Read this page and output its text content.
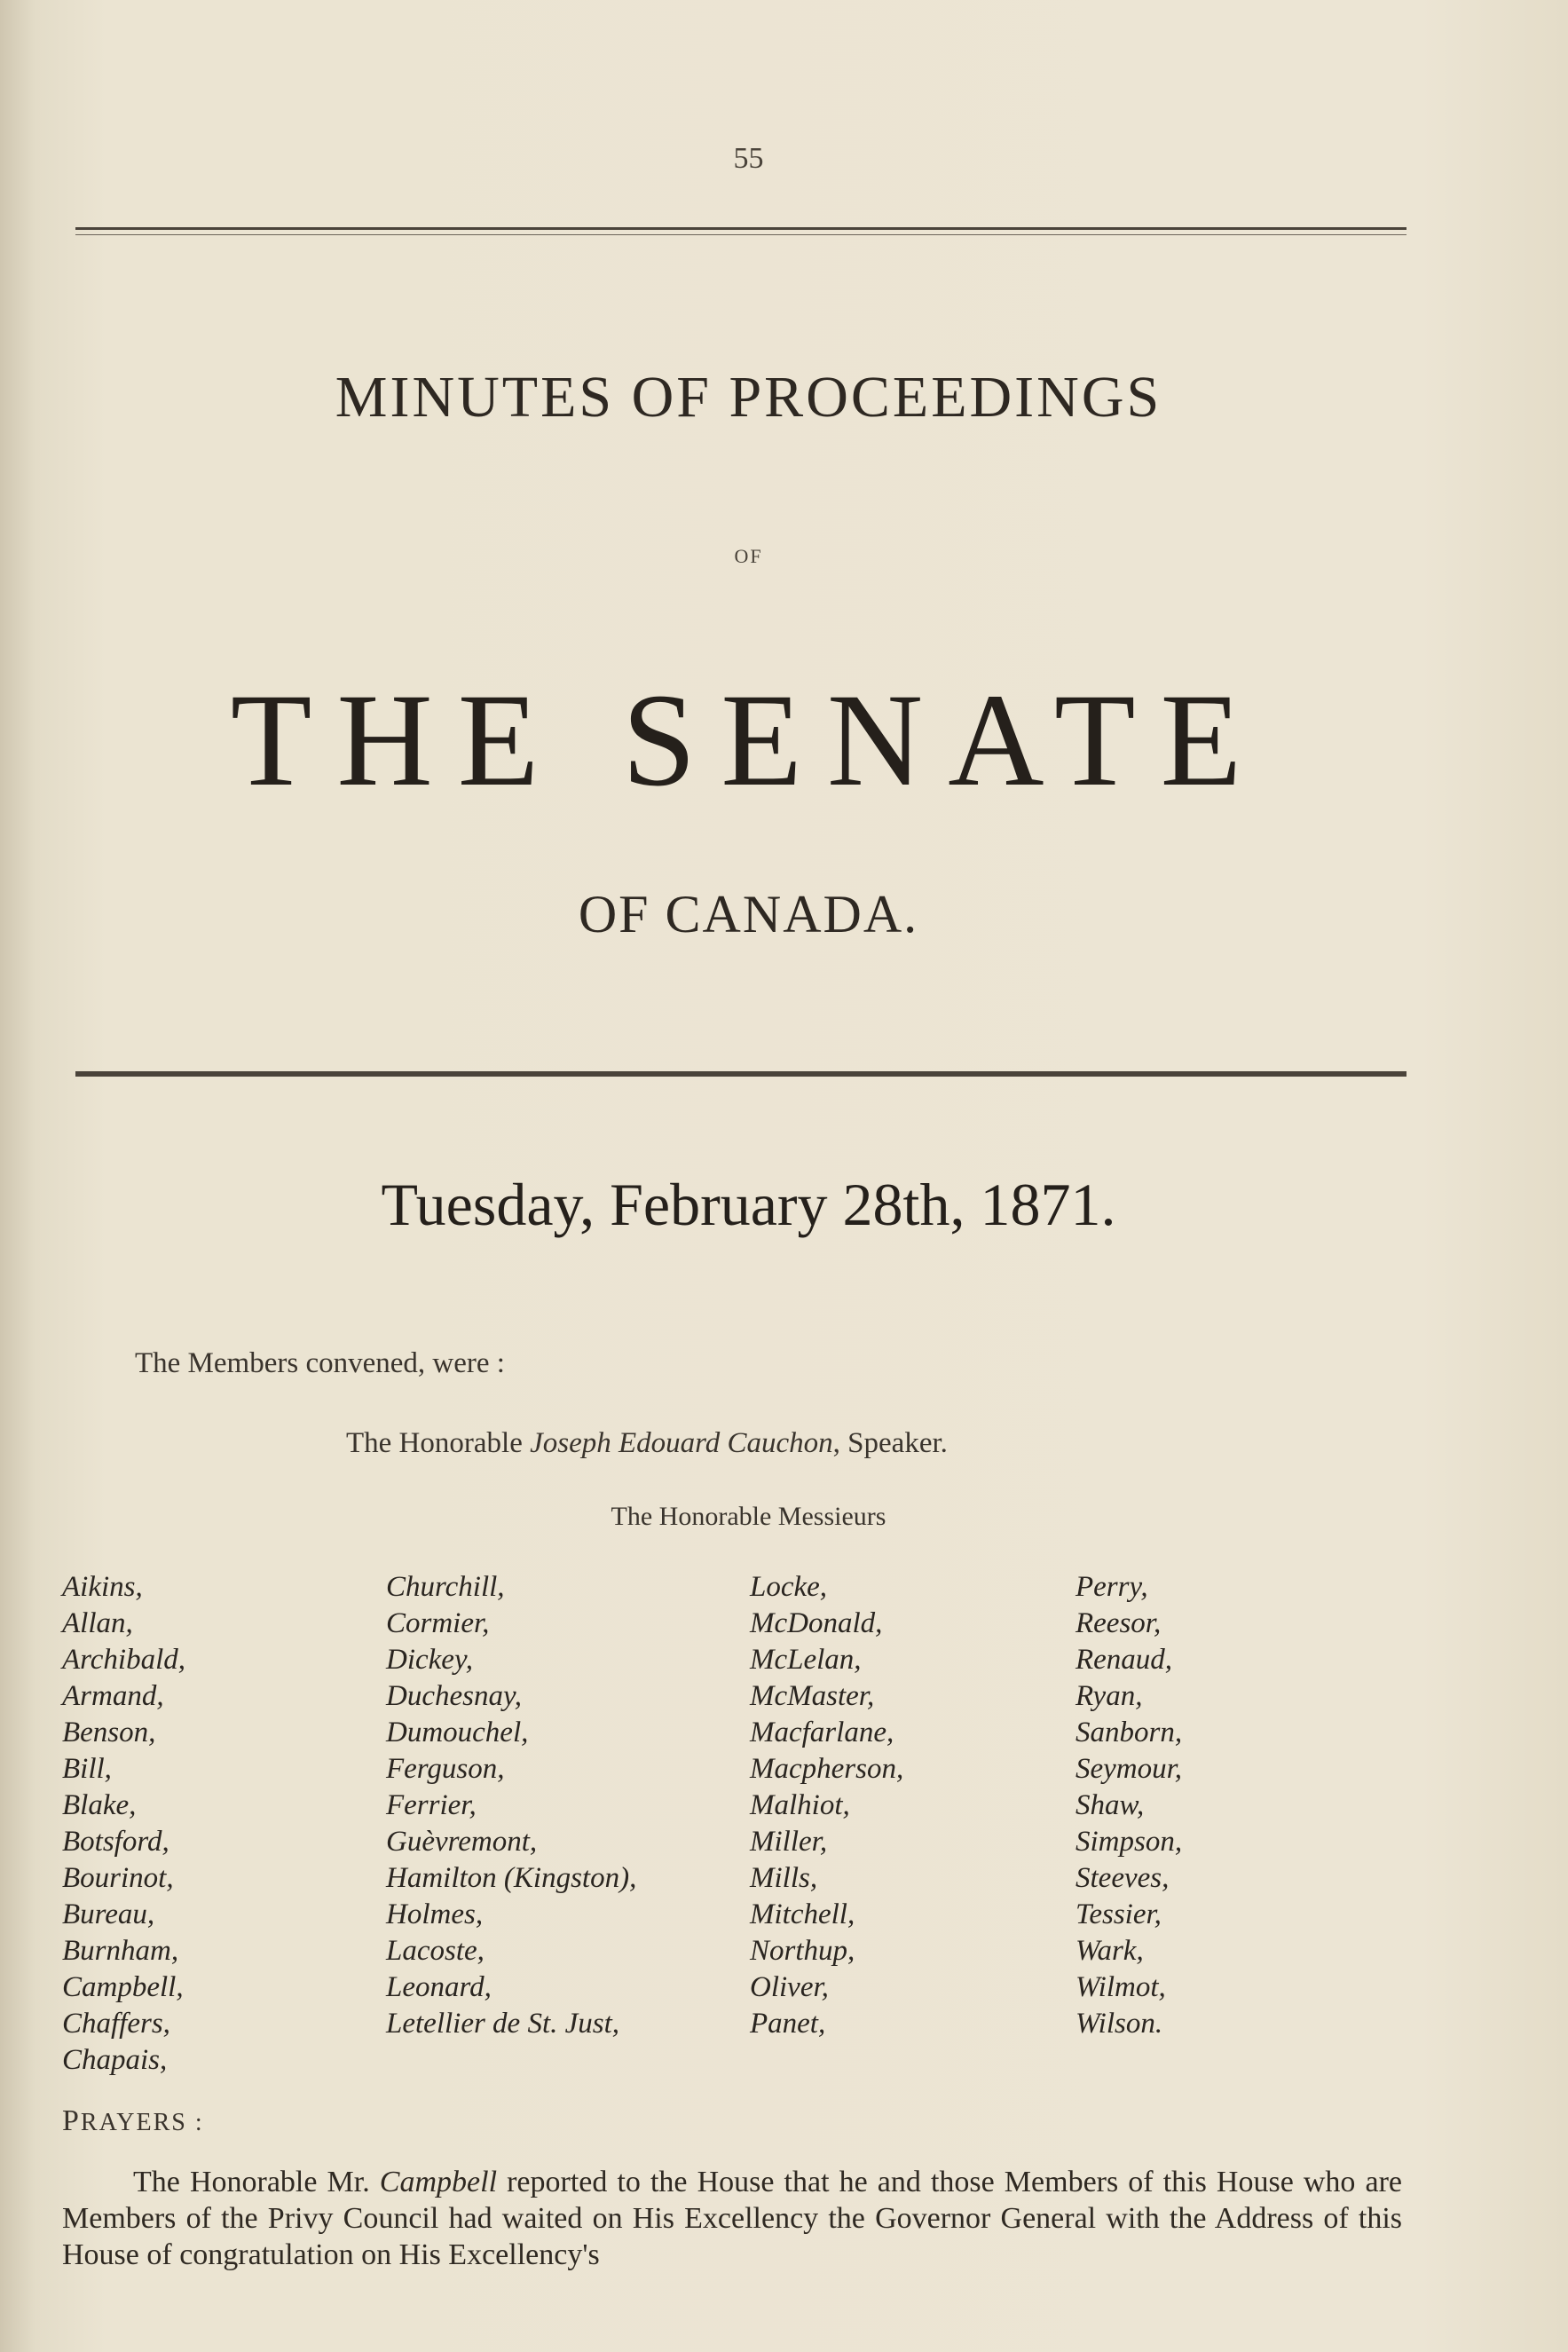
55
MINUTES OF PROCEEDINGS
OF
THE SENATE
OF CANADA.
Tuesday, February 28th, 1871.
The Members convened, were :
The Honorable Joseph Edouard Cauchon, Speaker.
The Honorable Messieurs
Aikins,
Allan,
Archibald,
Armand,
Benson,
Bill,
Blake,
Botsford,
Bourinot,
Bureau,
Burnham,
Campbell,
Chaffers,
Chapais,
Churchill,
Cormier,
Dickey,
Duchesnay,
Dumouchel,
Ferguson,
Ferrier,
Guèvremont,
Hamilton (Kingston),
Holmes,
Lacoste,
Leonard,
Letellier de St. Just,
Locke,
McDonald,
McLelan,
McMaster,
Macfarlane,
Macpherson,
Malhiot,
Miller,
Mills,
Mitchell,
Northup,
Oliver,
Panet,
Perry,
Reesor,
Renaud,
Ryan,
Sanborn,
Seymour,
Shaw,
Simpson,
Steeves,
Tessier,
Wark,
Wilmot,
Wilson.
PRAYERS :
The Honorable Mr. Campbell reported to the House that he and those Members of this House who are Members of the Privy Council had waited on His Excellency the Governor General with the Address of this House of congratulation on His Excellency's
